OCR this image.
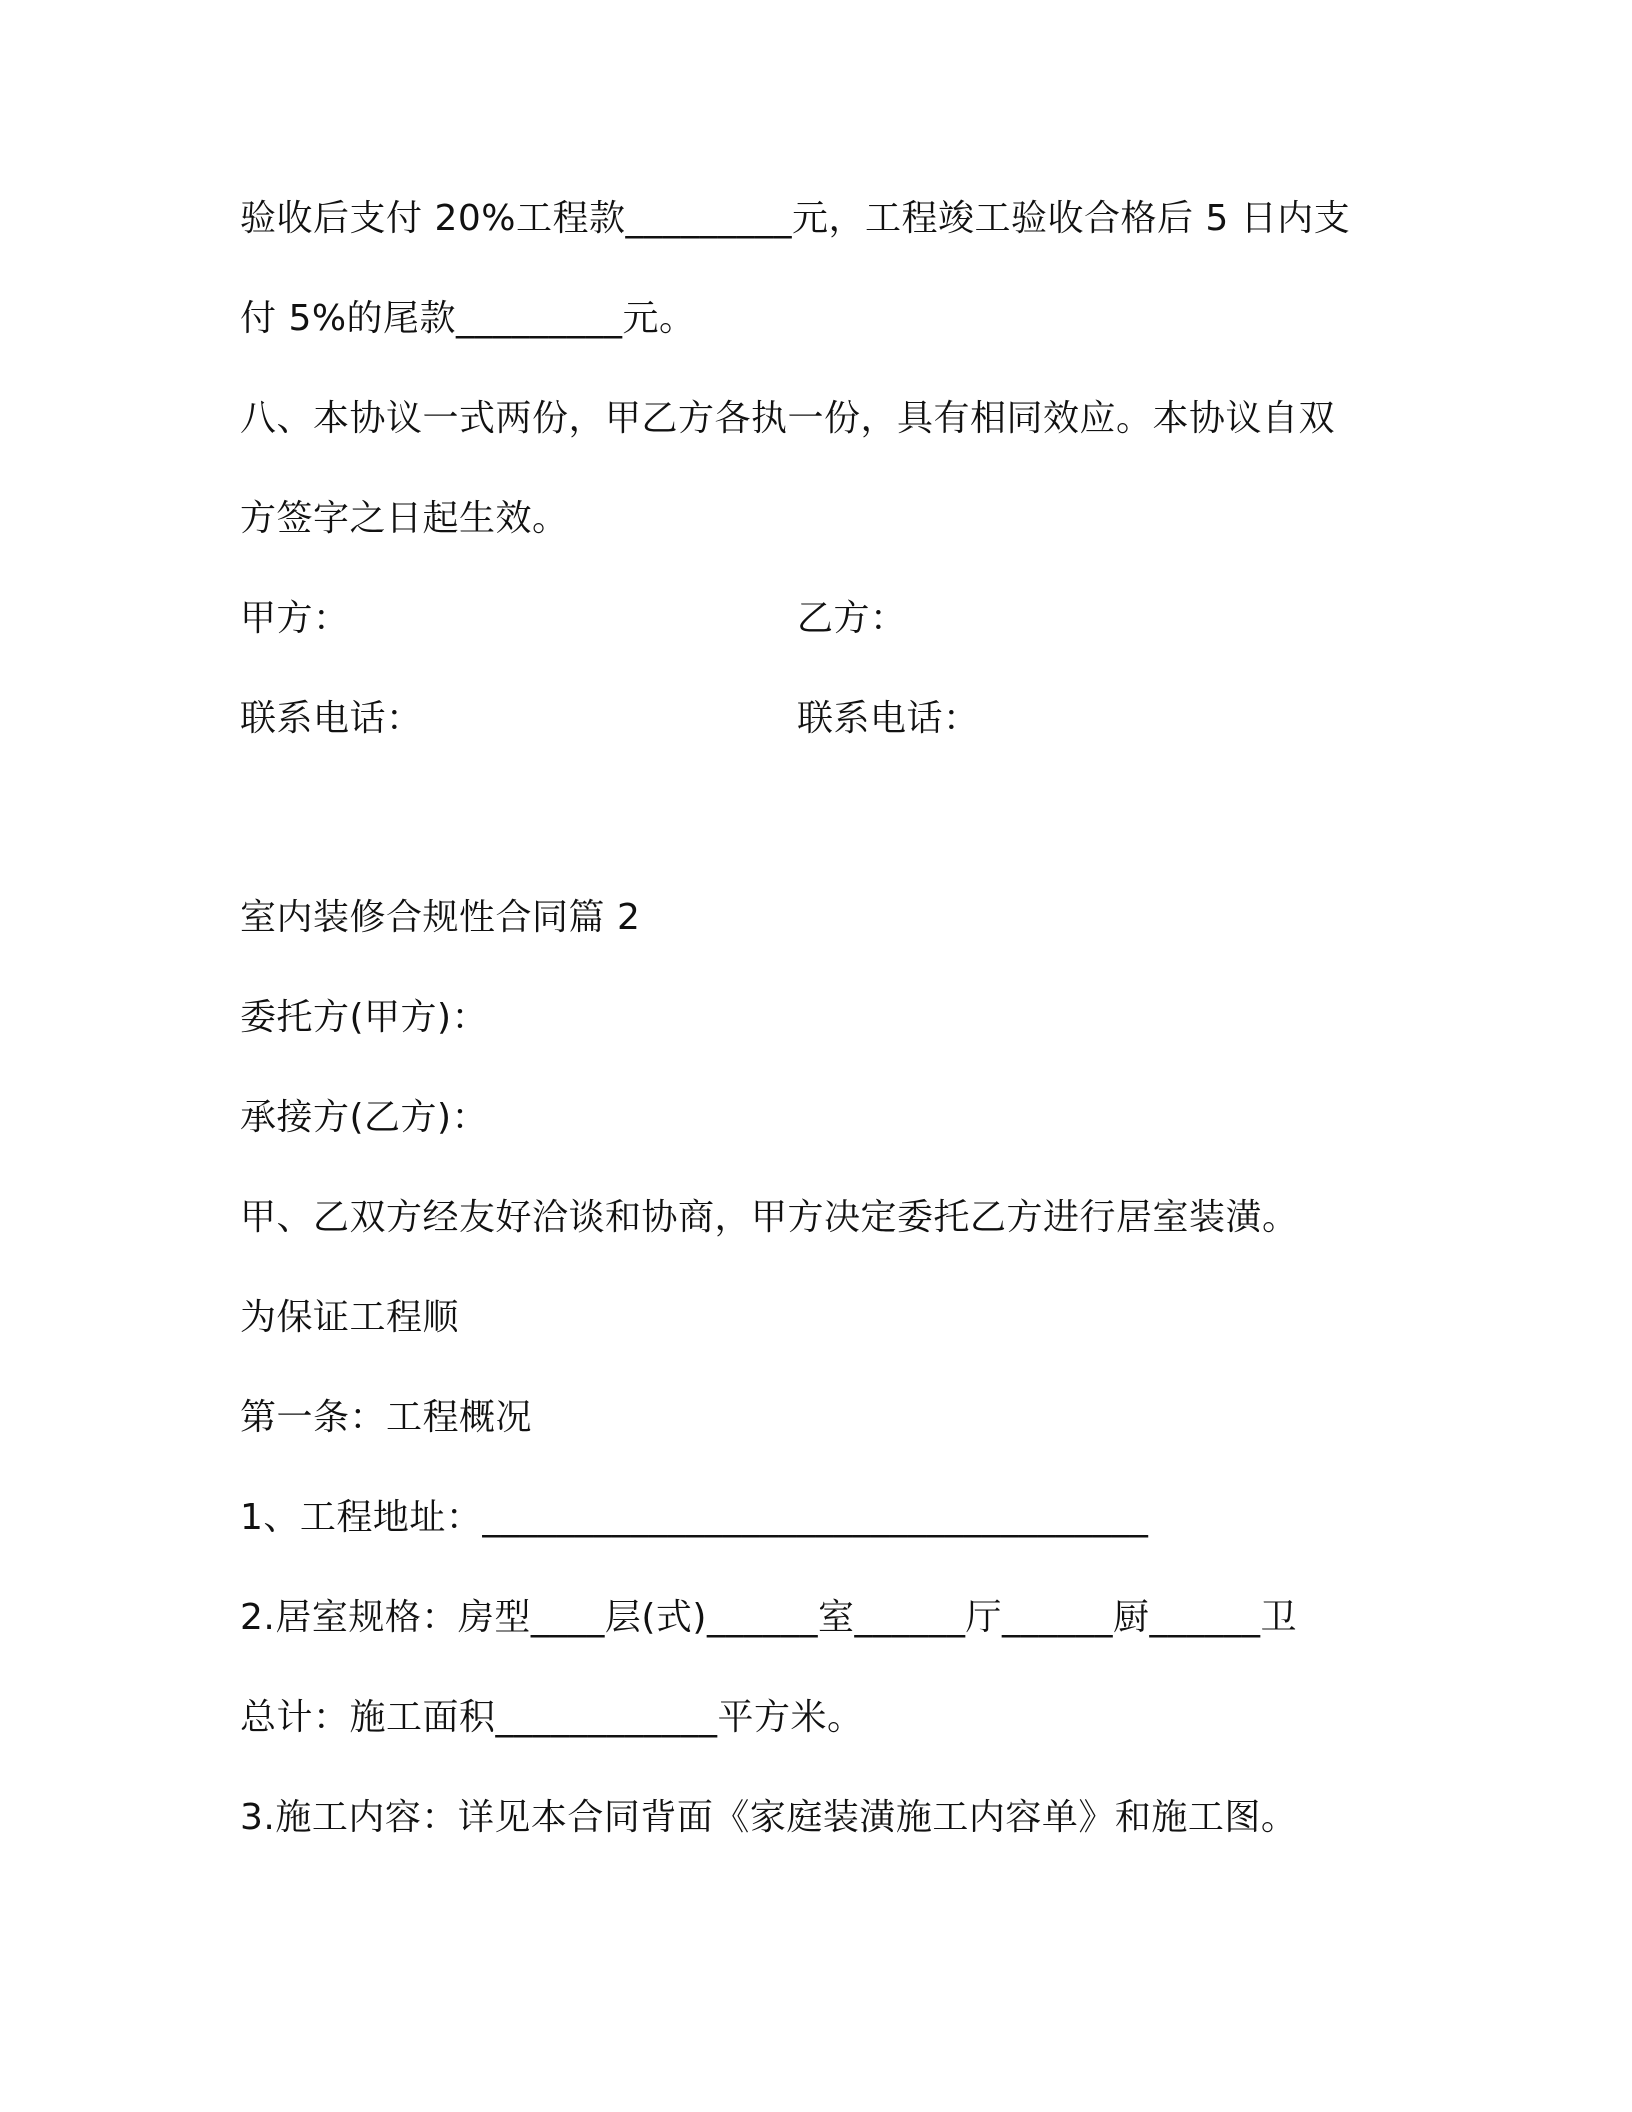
验收后支付 20%工程款_________元，工程竣工验收合格后 5 日内支
付 5%的尾款_________元。
八、本协议一式两份，甲乙方各执一份，具有相同效应。本协议自双
方签字之日起生效。
甲方：	乙方：
联系电话：	联系电话：
室内装修合规性合同篇 2
委托方(甲方)：
承接方(乙方)：
甲、乙双方经友好洽谈和协商，甲方决定委托乙方进行居室装潢。
为保证工程顺
第一条：工程概况
1、工程地址：____________________________________
2.居室规格：房型____层(式)______室______厅______厨______卫
总计：施工面积____________平方米。
3.施工内容：详见本合同背面《家庭装潢施工内容单》和施工图。
